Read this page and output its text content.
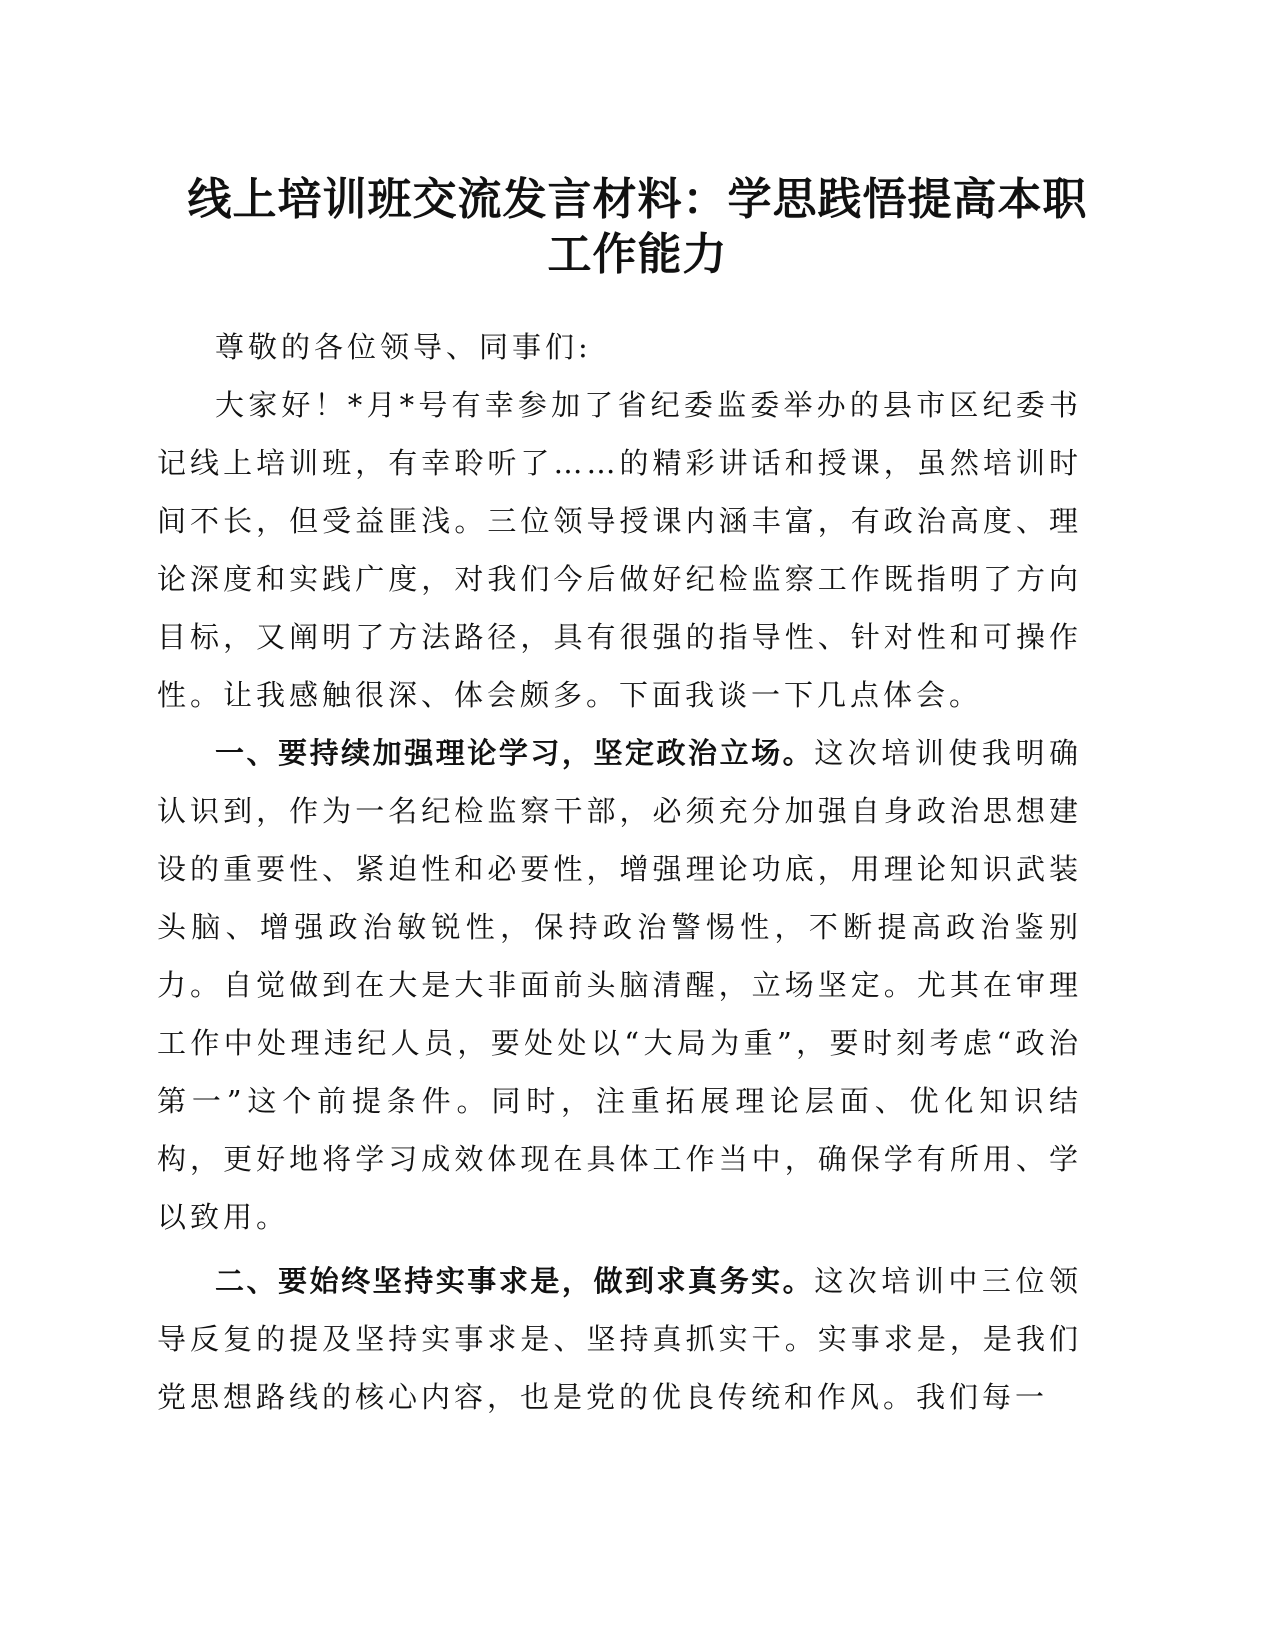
线上培训班交流发言材料：学思践悟提高本职
工作能力

尊敬的各位领导、同事们:

大家好！*月*号有幸参加了省纪委监委举办的县市区纪委书记线上培训班，有幸聆听了……的精彩讲话和授课，虽然培训时间不长，但受益匪浅。三位领导授课内涵丰富，有政治高度、理论深度和实践广度，对我们今后做好纪检监察工作既指明了方向目标，又阐明了方法路径，具有很强的指导性、针对性和可操作性。让我感触很深、体会颇多。下面我谈一下几点体会。

一、要持续加强理论学习，坚定政治立场。这次培训使我明确认识到，作为一名纪检监察干部，必须充分加强自身政治思想建设的重要性、紧迫性和必要性，增强理论功底，用理论知识武装头脑、增强政治敏锐性，保持政治警惕性，不断提高政治鉴别力。自觉做到在大是大非面前头脑清醒，立场坚定。尤其在审理工作中处理违纪人员，要处处以“大局为重”，要时刻考虑“政治第一”这个前提条件。同时，注重拓展理论层面、优化知识结构，更好地将学习成效体现在具体工作当中，确保学有所用、学以致用。

二、要始终坚持实事求是，做到求真务实。这次培训中三位领导反复的提及坚持实事求是、坚持真抓实干。实事求是，是我们党思想路线的核心内容，也是党的优良传统和作风。我们每一
